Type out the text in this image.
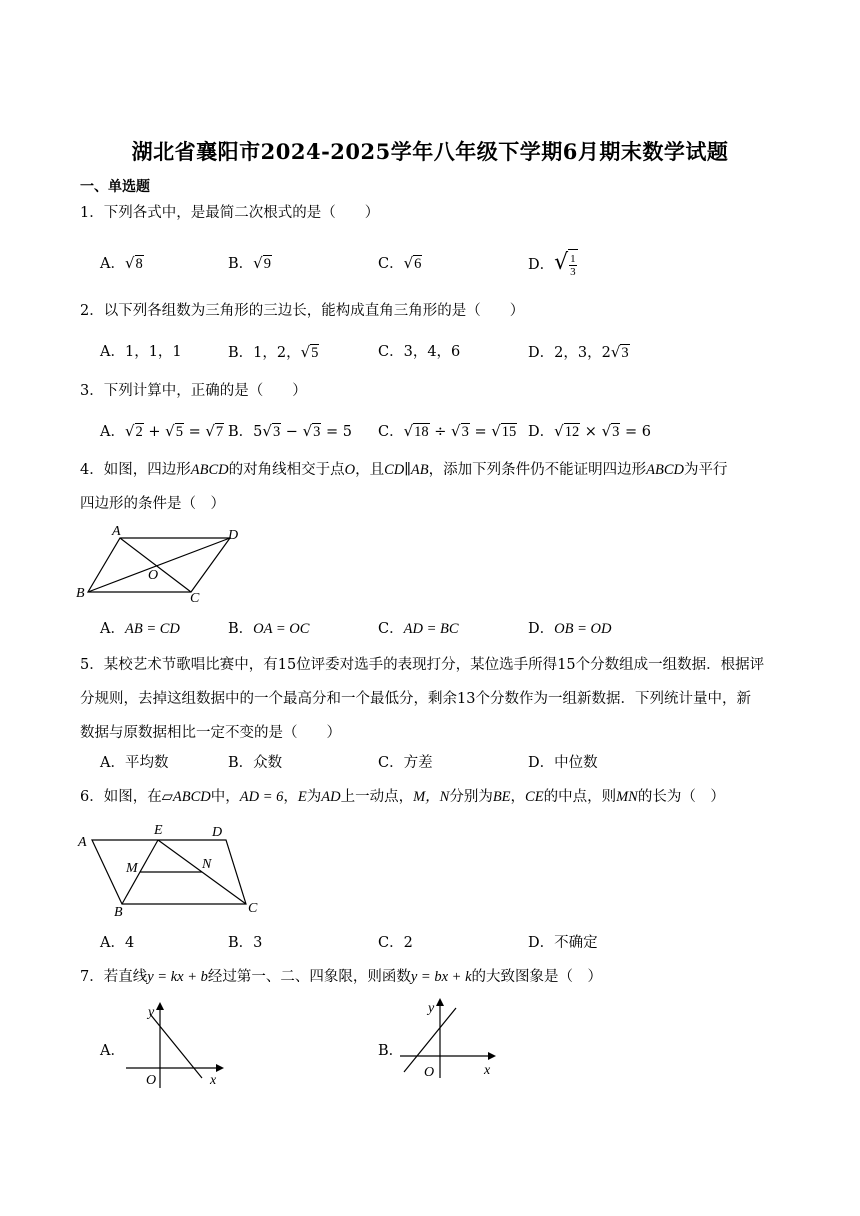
湖北省襄阳市2024-2025学年八年级下学期6月期末数学试题
一、单选题
1．下列各式中，是最简二次根式的是（　　）
A．√8	B．√9	C．√6	D．√ $\frac{1}{3}$
2．以下列各组数为三角形的三边长，能构成直角三角形的是（　　）
A．1，1，1	B．1，2，√5	C．3，4，6	D．2，3，2√3
3．下列计算中，正确的是（　　）
A．√2 + √5 = √7 B．5√3 − √3 = 5 C．√18 ÷ √3 = √15 D．√12 × √3 = 6
4．如图，四边形ABCD的对角线相交于点O，且CD∥AB，添加下列条件仍不能证明四边形ABCD为平行
四边形的条件是（　）
A	D
B	C
O
A．AB = CD	B．OA = OC	C．AD = BC	D．OB = OD
5．某校艺术节歌唱比赛中，有15位评委对选手的表现打分，某位选手所得15个分数组成一组数据．根据评
分规则，去掉这组数据中的一个最高分和一个最低分，剩余13个分数作为一组新数据．下列统计量中，新
数据与原数据相比一定不变的是（　　）
A．平均数	B．众数	C．方差	D．中位数
6．如图，在▱ABCD中，AD = 6，E为AD上一动点，M，N分别为BE，CE的中点，则MN的长为（　）
A
E	D
M	N
B	C
A．4	B．3	C．2	D．不确定
7．若直线y = kx + b经过第一、二、四象限，则函数y = bx + k的大致图象是（　）
A．
y
x
O
B．
y
x
O
